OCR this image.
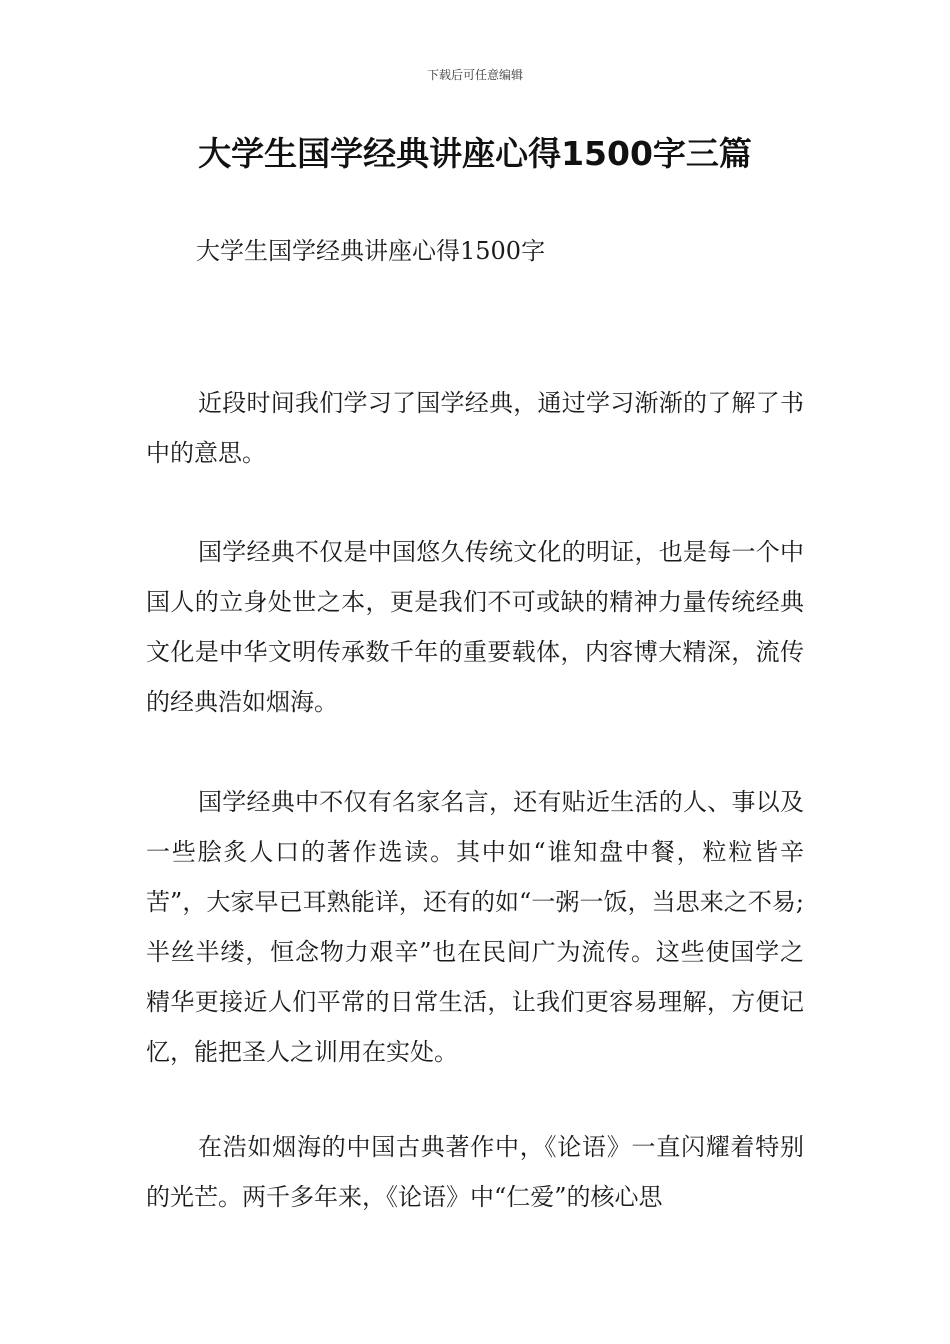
下载后可任意编辑
大学生国学经典讲座心得1500字三篇
大学生国学经典讲座心得1500字
近段时间我们学习了国学经典，通过学习渐渐的了解了书中的意思。
国学经典不仅是中国悠久传统文化的明证，也是每一个中国人的立身处世之本，更是我们不可或缺的精神力量传统经典文化是中华文明传承数千年的重要载体，内容博大精深，流传的经典浩如烟海。
国学经典中不仅有名家名言，还有贴近生活的人、事以及一些脍炙人口的著作选读。其中如“谁知盘中餐，粒粒皆辛苦”，大家早已耳熟能详，还有的如“一粥一饭，当思来之不易;半丝半缕，恒念物力艰辛”也在民间广为流传。这些使国学之精华更接近人们平常的日常生活，让我们更容易理解，方便记忆，能把圣人之训用在实处。
在浩如烟海的中国古典著作中，《论语》一直闪耀着特别的光芒。两千多年来，《论语》中“仁爱”的核心思
